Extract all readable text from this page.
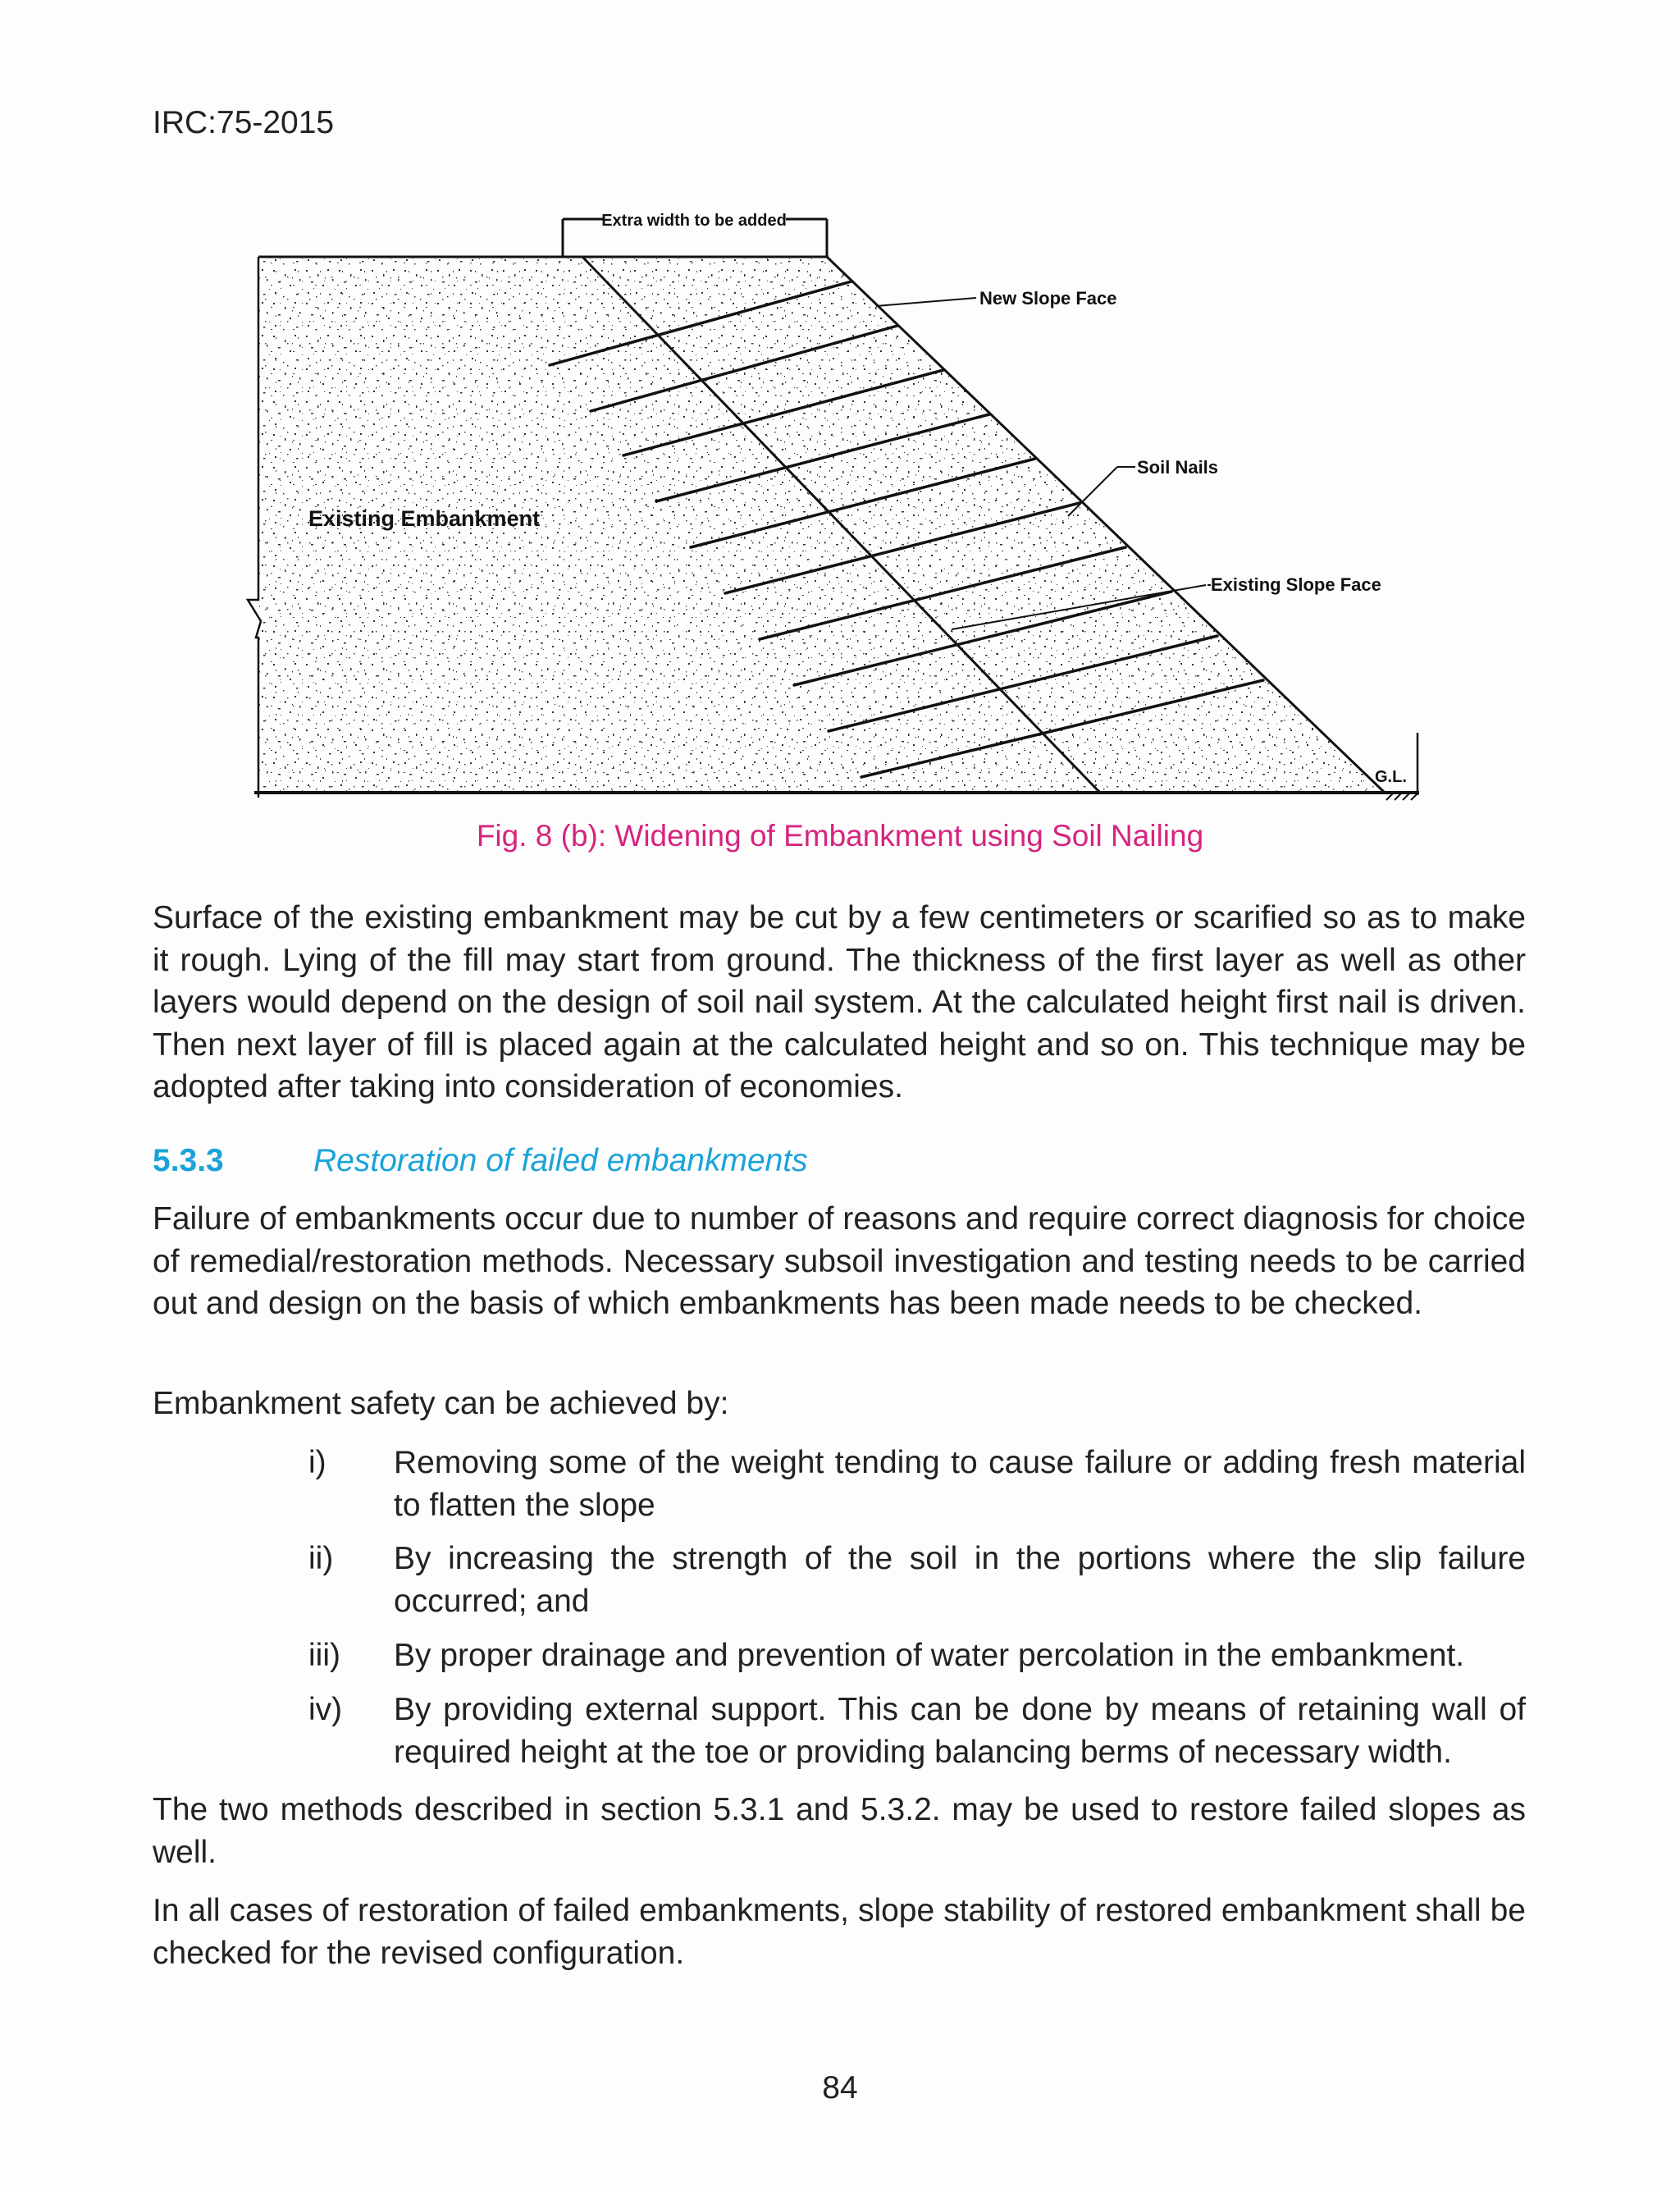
IRC:75-2015
Extra width to be added
G.L.
New Slope Face
Soil Nails
Existing Slope Face
Existing Embankment
Fig. 8 (b): Widening of Embankment using Soil Nailing

Surface of the existing embankment may be cut by a few centimeters or scarified so as to make it rough. Lying of the fill may start from ground. The thickness of the first layer as well as other layers would depend on the design of soil nail system. At the calculated height first nail is driven. Then next layer of fill is placed again at the calculated height and so on. This technique may be adopted after taking into consideration of economies.

5.3.3	Restoration of failed embankments

Failure of embankments occur due to number of reasons and require correct diagnosis for choice of remedial/restoration methods. Necessary subsoil investigation and testing needs to be carried out and design on the basis of which embankments has been made needs to be checked.

Embankment safety can be achieved by:

i)	Removing some of the weight tending to cause failure or adding fresh material to flatten the slope
ii)	By increasing the strength of the soil in the portions where the slip failure occurred; and
iii)	By proper drainage and prevention of water percolation in the embankment.
iv)	By providing external support. This can be done by means of retaining wall of required height at the toe or providing balancing berms of necessary width.

The two methods described in section 5.3.1 and 5.3.2. may be used to restore failed slopes as well.

In all cases of restoration of failed embankments, slope stability of restored embankment shall be checked for the revised configuration.

84
